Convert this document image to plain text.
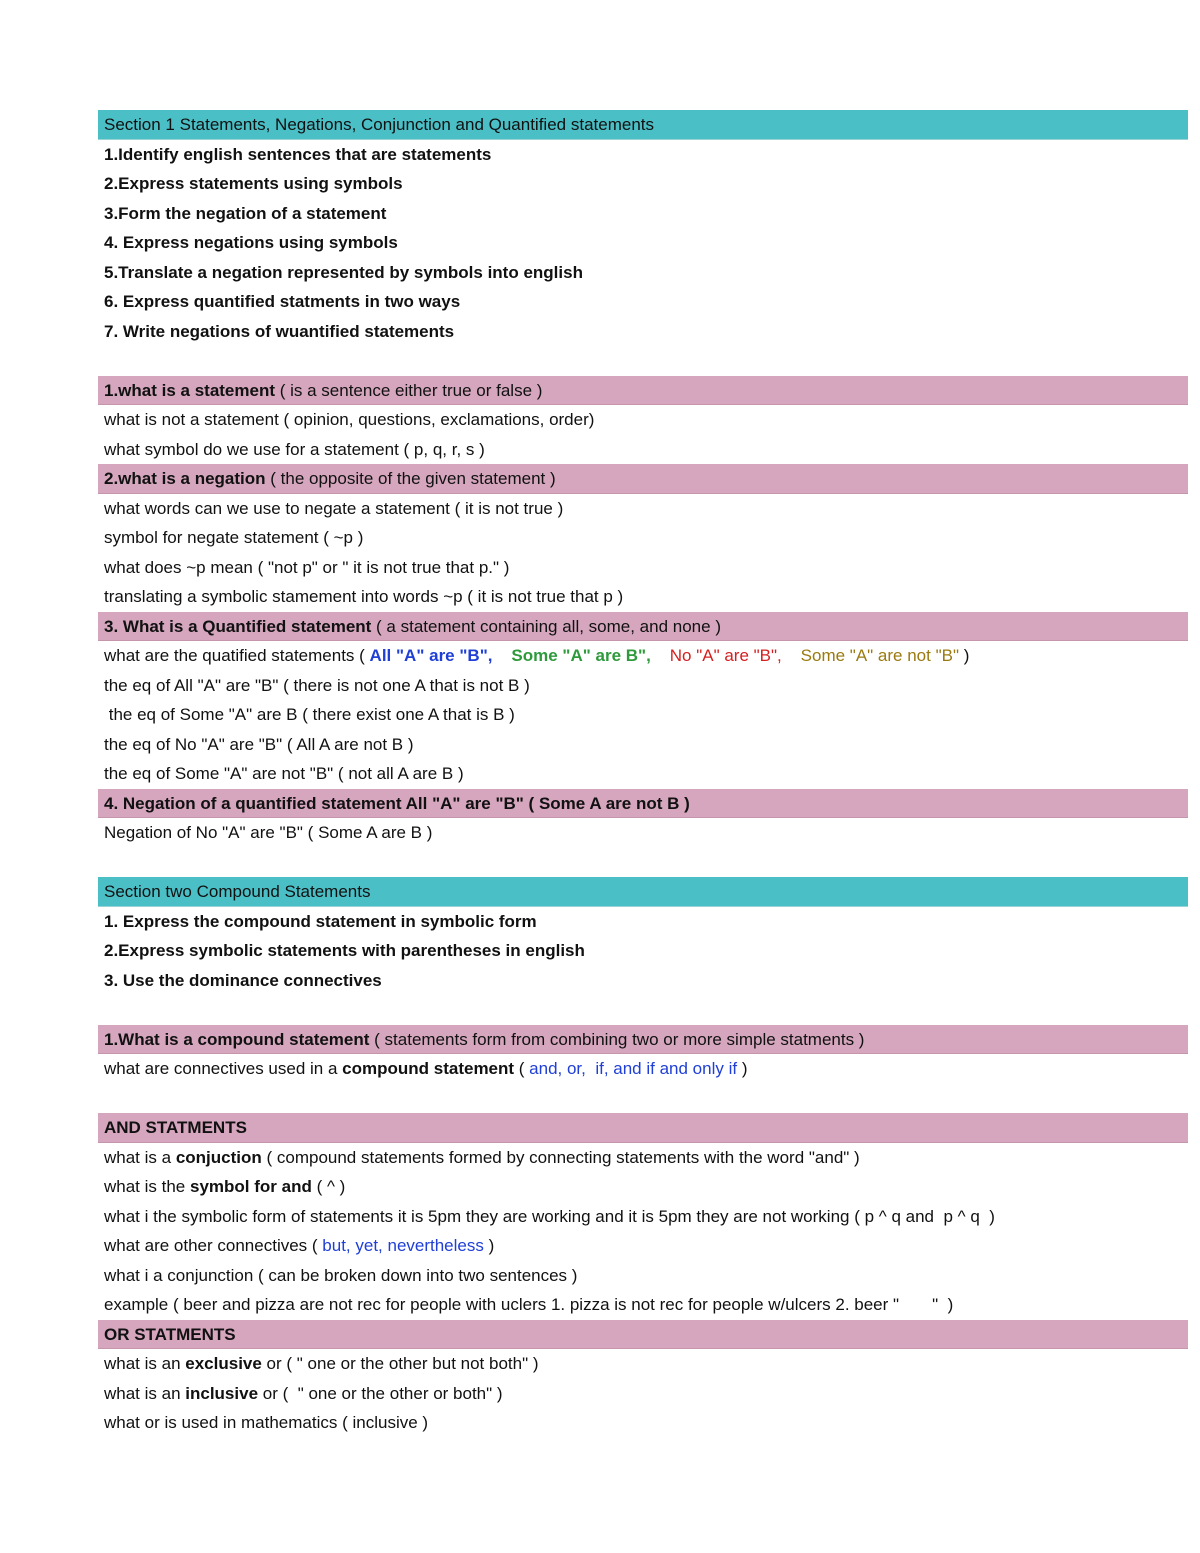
Section 1 Statements, Negations, Conjunction and Quantified statements
1.Identify english sentences that are statements
2.Express statements using symbols
3.Form the negation of a statement
4. Express negations using symbols
5.Translate a negation represented by symbols into english
6. Express quantified statments in two ways
7. Write negations of wuantified statements
1.what is a statement ( is a sentence either true or false )
what is not a statement ( opinion, questions, exclamations, order)
what symbol do we use for a statement ( p, q, r, s )
2.what is a negation ( the opposite of the given statement )
what words can we use to negate a statement ( it is not true )
symbol for negate statement ( ~p )
what does ~p mean ( "not p" or " it is not true that p." )
translating a symbolic stamement into words ~p ( it is not true that p )
3. What is a Quantified statement ( a statement containing all, some, and none )
what are the quatified statements ( All "A" are "B", Some "A" are B", No "A" are "B", Some "A" are not "B" )
the eq of All "A" are "B" ( there is not one A that is not B )
the eq of Some "A" are B ( there exist one A that is B )
the eq of No "A" are "B" ( All A are not B )
the eq of Some "A" are not "B" ( not all A are B )
4. Negation of a quantified statement All "A" are "B" ( Some A are not B )
Negation of No "A" are "B" ( Some A are B )
Section two Compound Statements
1. Express the compound statement in symbolic form
2.Express symbolic statements with parentheses in english
3. Use the dominance connectives
1.What is a compound statement ( statements form from combining two or more simple statments )
what are connectives used in a compound statement ( and, or,  if, and if and only if )
AND STATMENTS
what is a conjuction ( compound statements formed by connecting statements with the word "and" )
what is the symbol for and ( ^ )
what i the symbolic form of statements it is 5pm they are working and it is 5pm they are not working ( p ^ q and  p ^ q  )
what are other connectives ( but, yet, nevertheless )
what i a conjunction ( can be broken down into two sentences )
example ( beer and pizza are not rec for people with uclers 1. pizza is not rec for people w/ulcers 2. beer "       "  )
OR STATMENTS
what is an exclusive or ( " one or the other but not both" )
what is an inclusive or (  " one or the other or both" )
what or is used in mathematics ( inclusive )
